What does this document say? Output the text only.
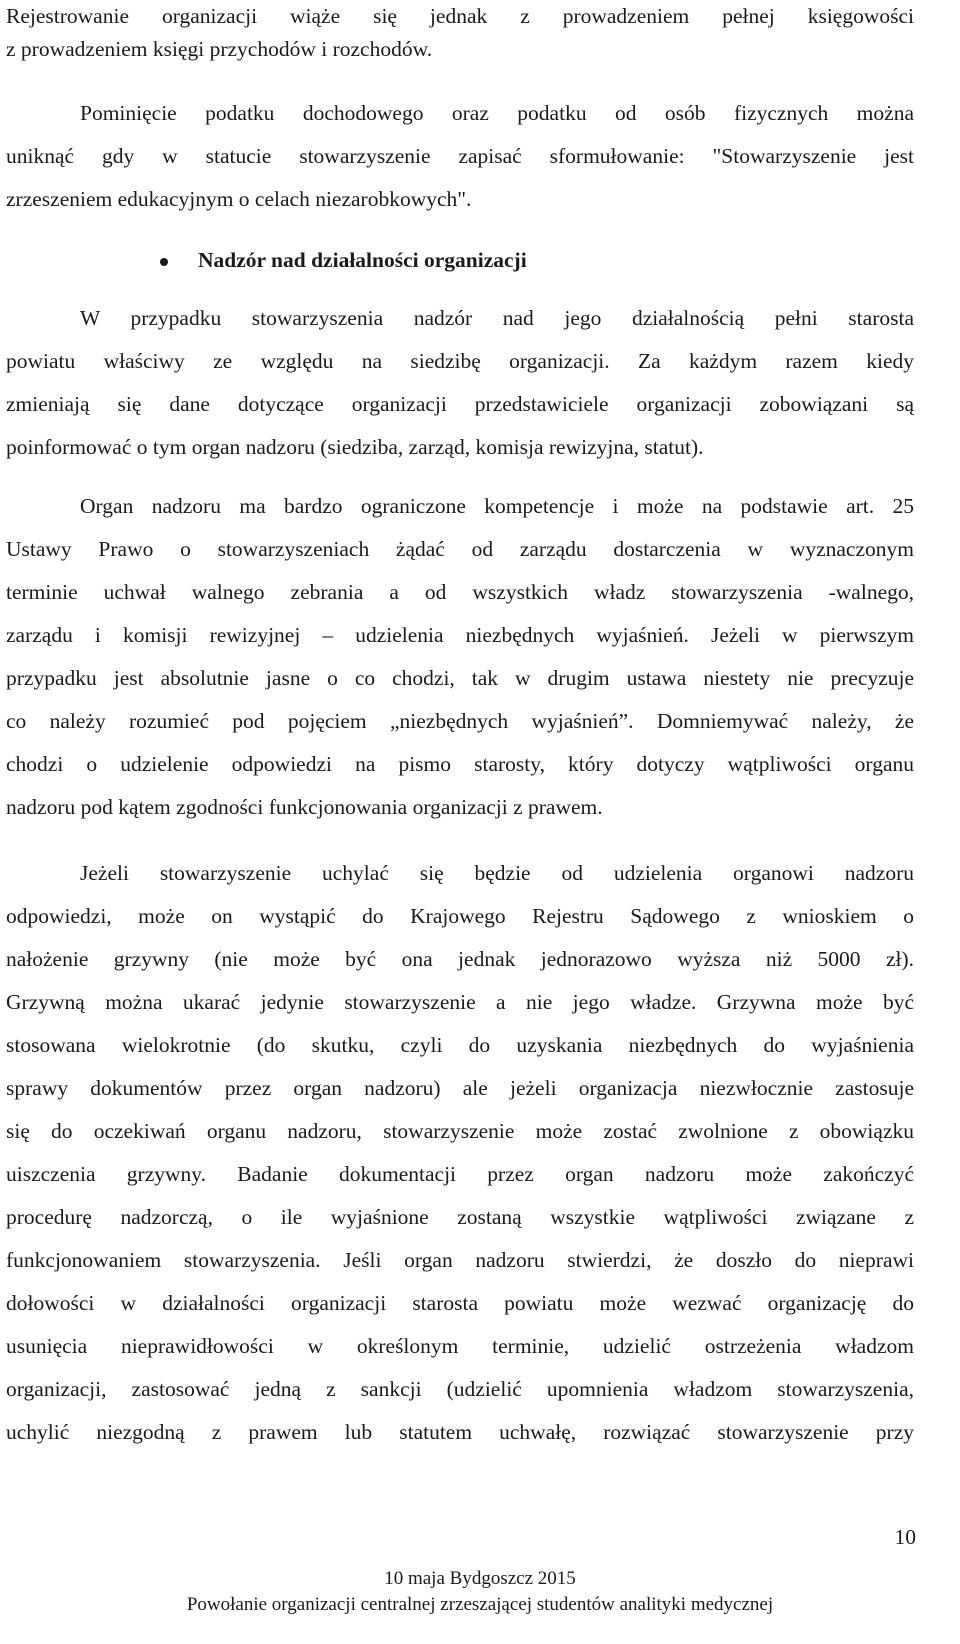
Rejestrowanie organizacji wiąże się jednak z prowadzeniem pełnej księgowości
z prowadzeniem księgi przychodów i rozchodów.
Pominięcie podatku dochodowego oraz podatku od osób fizycznych można
uniknąć gdy w statucie stowarzyszenie zapisać sformułowanie: "Stowarzyszenie jest
zrzeszeniem edukacyjnym o celach niezarobkowych".
Nadzór nad działalności organizacji
W przypadku stowarzyszenia nadzór nad jego działalnością pełni starosta
powiatu właściwy ze względu na siedzibę organizacji. Za każdym razem kiedy
zmieniają się dane dotyczące organizacji przedstawiciele organizacji zobowiązani są
poinformować o tym organ nadzoru (siedziba, zarząd, komisja rewizyjna, statut).
Organ nadzoru ma bardzo ograniczone kompetencje i może na podstawie art. 25
Ustawy Prawo o stowarzyszeniach żądać od zarządu dostarczenia w wyznaczonym
terminie uchwał walnego zebrania a od wszystkich władz stowarzyszenia -walnego,
zarządu i komisji rewizyjnej – udzielenia niezbędnych wyjaśnień. Jeżeli w pierwszym
przypadku jest absolutnie jasne o co chodzi, tak w drugim ustawa niestety nie precyzuje
co należy rozumieć pod pojęciem „niezbędnych wyjaśnień”. Domniemywać należy, że
chodzi o udzielenie odpowiedzi na pismo starosty, który dotyczy wątpliwości organu
nadzoru pod kątem zgodności funkcjonowania organizacji z prawem.
Jeżeli stowarzyszenie uchylać się będzie od udzielenia organowi nadzoru
odpowiedzi, może on wystąpić do Krajowego Rejestru Sądowego z wnioskiem o
nałożenie grzywny (nie może być ona jednak jednorazowo wyższa niż 5000 zł).
Grzywną można ukarać jedynie stowarzyszenie a nie jego władze. Grzywna może być
stosowana wielokrotnie (do skutku, czyli do uzyskania niezbędnych do wyjaśnienia
sprawy dokumentów przez organ nadzoru) ale jeżeli organizacja niezwłocznie zastosuje
się do oczekiwań organu nadzoru, stowarzyszenie może zostać zwolnione z obowiązku
uiszczenia grzywny. Badanie dokumentacji przez organ nadzoru może zakończyć
procedurę nadzorczą, o ile wyjaśnione zostaną wszystkie wątpliwości związane z
funkcjonowaniem stowarzyszenia. Jeśli organ nadzoru stwierdzi, że doszło do nieprawi
dołowości w działalności organizacji starosta powiatu może wezwać organizację do
usunięcia nieprawidłowości w określonym terminie, udzielić ostrzeżenia władzom
organizacji, zastosować jedną z sankcji (udzielić upomnienia władzom stowarzyszenia,
uchylić niezgodną z prawem lub statutem uchwałę, rozwiązać stowarzyszenie przy
10
10 maja Bydgoszcz 2015
Powołanie organizacji centralnej zrzeszającej studentów analityki medycznej
